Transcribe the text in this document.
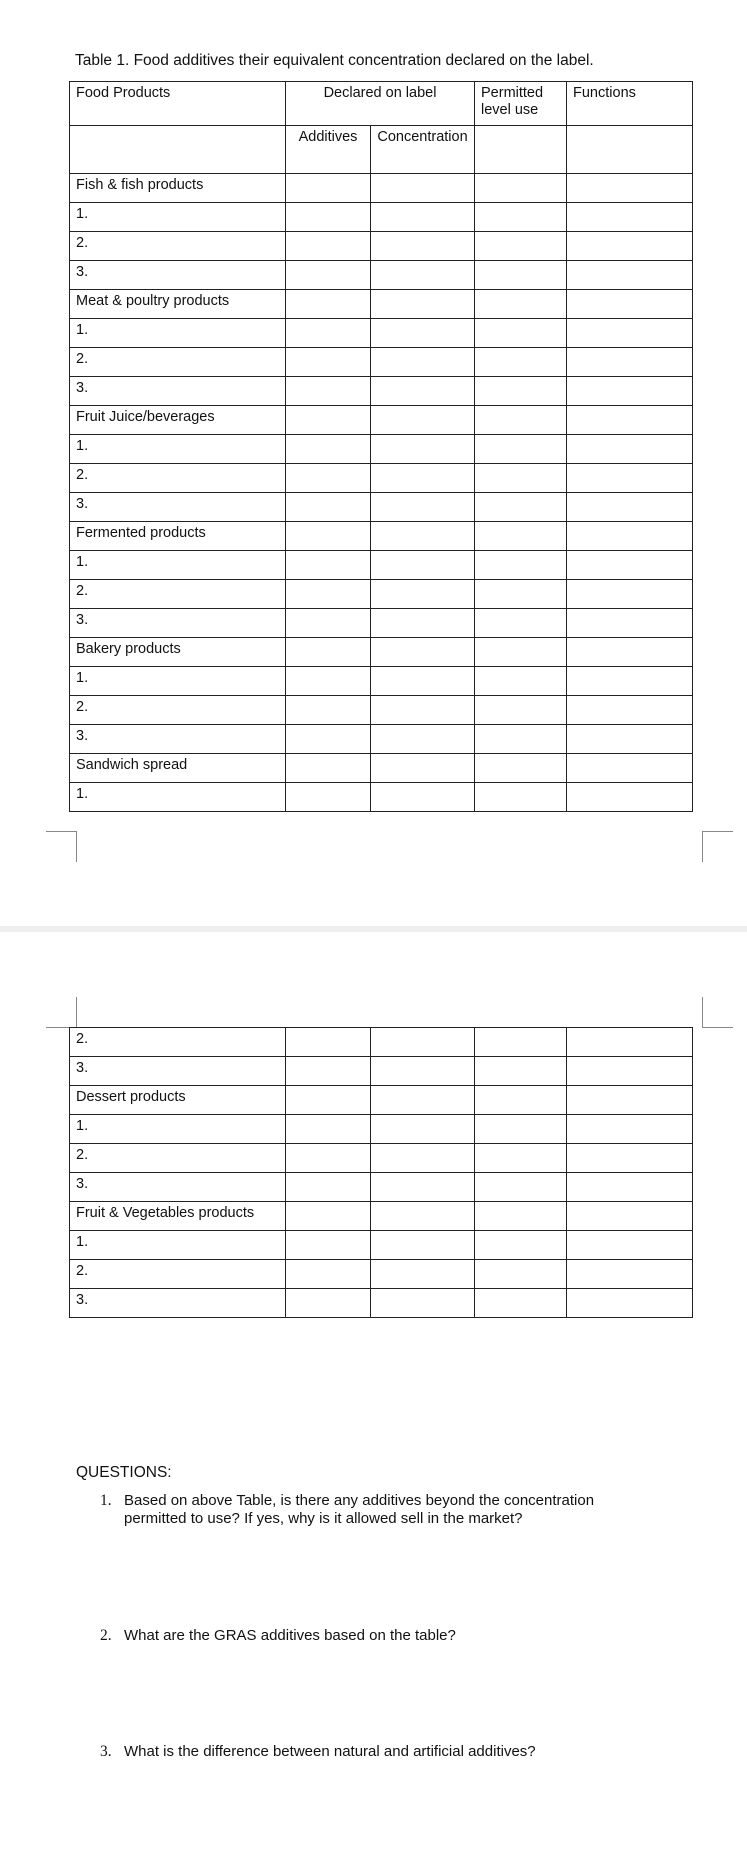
Table 1. Food additives their equivalent concentration declared on the label.
Food Products	Declared on label		Permitted level use	Functions
	Additives	Concentration		
Fish & fish products				
1.				
2.				
3.				
Meat & poultry products				
1.				
2.				
3.				
Fruit Juice/beverages				
1.				
2.				
3.				
Fermented products				
1.				
2.				
3.				
Bakery products				
1.				
2.				
3.				
Sandwich spread				
1.				
2.				
3.				
Dessert products				
1.				
2.				
3.				
Fruit & Vegetables products				
1.				
2.				
3.				
QUESTIONS:
1. Based on above Table, is there any additives beyond the concentration
permitted to use? If yes, why is it allowed sell in the market?
2. What are the GRAS additives based on the table?
3. What is the difference between natural and artificial additives?
